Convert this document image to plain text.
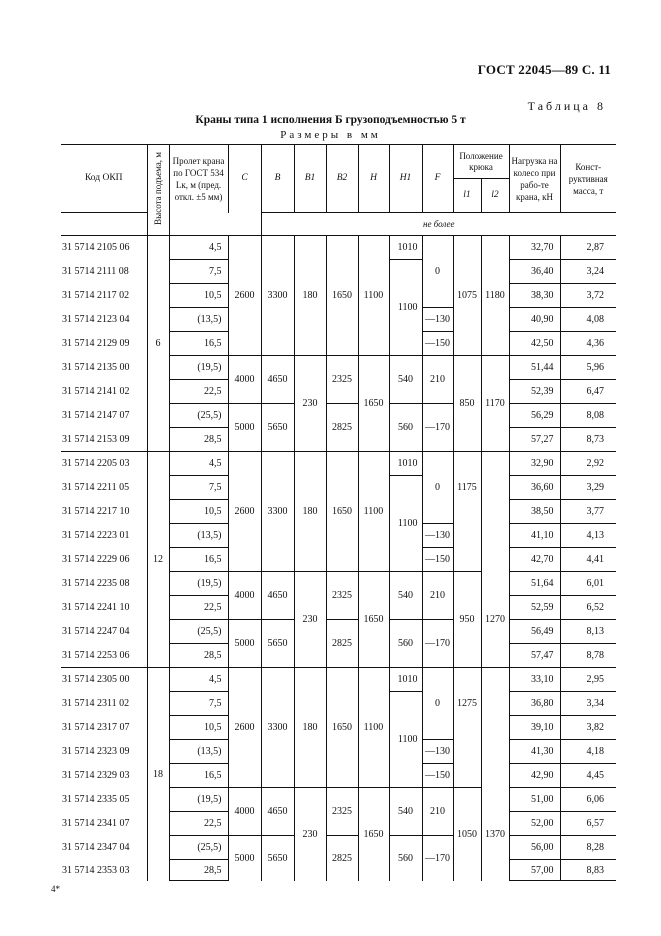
ГОСТ 22045—89 С. 11
Таблица 8
Краны типа 1 исполнения Б грузоподъемностью 5 т
Размеры в мм
Код ОКП	Высота подъема, м	Пролет крана по ГОСТ 534 Lк, м (пред. откл. ±5 мм)	C	B	B1	B2	H	H1	F	Положение крюка		Нагрузка на колесо при рабо-те крана, кН	Конст-руктивная масса, т
										l1	l2		
				не более									
31 5714 2105 06	6	4,5	2600	3300	180	1650	1100	1010	0	1075	1180	32,70	2,87
31 5714 2111 08		7,5						1100				36,40	3,24
31 5714 2117 02		10,5										38,30	3,72
31 5714 2123 04		(13,5)							—130			40,90	4,08
31 5714 2129 09		16,5							—150			42,50	4,36
31 5714 2135 00		(19,5)	4000	4650	230	2325	1650	540	210	850	1170	51,44	5,96
31 5714 2141 02		22,5										52,39	6,47
31 5714 2147 07		(25,5)	5000	5650		2825		560	—170			56,29	8,08
31 5714 2153 09		28,5										57,27	8,73
31 5714 2205 03	12	4,5	2600	3300	180	1650	1100	1010	0	1175		32,90	2,92
31 5714 2211 05		7,5						1100				36,60	3,29
31 5714 2217 10		10,5										38,50	3,77
31 5714 2223 01		(13,5)							—130			41,10	4,13
31 5714 2229 06		16,5							—150			42,70	4,41
31 5714 2235 08		(19,5)	4000	4650	230	2325	1650	540	210	950	1270	51,64	6,01
31 5714 2241 10		22,5										52,59	6,52
31 5714 2247 04		(25,5)	5000	5650		2825		560	—170			56,49	8,13
31 5714 2253 06		28,5										57,47	8,78
31 5714 2305 00	18	4,5	2600	3300	180	1650	1100	1010	0	1275		33,10	2,95
31 5714 2311 02		7,5						1100				36,80	3,34
31 5714 2317 07		10,5										39,10	3,82
31 5714 2323 09		(13,5)							—130			41,30	4,18
31 5714 2329 03		16,5							—150			42,90	4,45
31 5714 2335 05		(19,5)	4000	4650	230	2325	1650	540	210	1050	1370	51,00	6,06
31 5714 2341 07		22,5										52,00	6,57
31 5714 2347 04		(25,5)	5000	5650		2825		560	—170			56,00	8,28
31 5714 2353 03		28,5										57,00	8,83
4*
